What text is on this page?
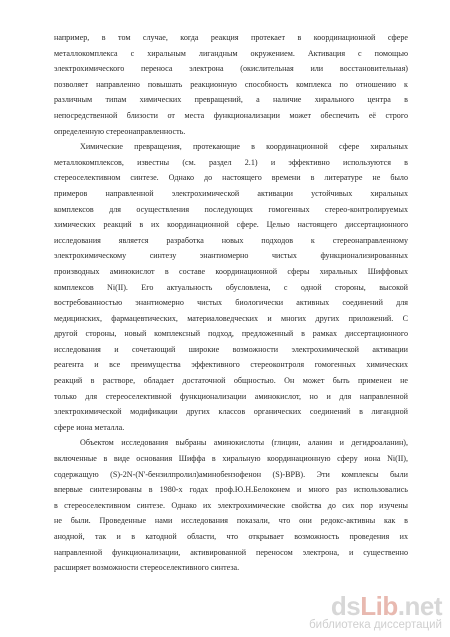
например, в том случае, когда реакция протекает в координационной сфере
металлокомплекса с хиральным лигандным окружением. Активация с помощью
электрохимического переноса электрона (окислительная или восстановительная)
позволяет направленно повышать реакционную способность комплекса по отношению к
различным типам химических превращений, а наличие хирального центра в
непосредственной близости от места функционализации может обеспечить её строго
определенную стереонаправленность.
Химические превращения, протекающие в координационной сфере хиральных
металлокомплексов, известны (см. раздел 2.1) и эффективно используются в
стереоселективном синтезе. Однако до настоящего времени в литературе не было
примеров направленной электрохимической активации устойчивых хиральных
комплексов для осуществления последующих гомогенных стерео-контролируемых
химических реакций в их координационной сфере. Целью настоящего диссертационного
исследования является разработка новых подходов к стереонаправленному
электрохимическому синтезу энантиомерно чистых функционализированных
производных аминокислот в составе координационной сферы хиральных Шиффовых
комплексов Ni(II). Его актуальность обусловлена, с одной стороны, высокой
востребованностью энантиомерно чистых биологически активных соединений для
медицинских, фармацевтических, материаловедческих и многих других приложений. С
другой стороны, новый комплексный подход, предложенный в рамках диссертационного
исследования и сочетающий широкие возможности электрохимической активации
реагента и все преимущества эффективного стереоконтроля гомогенных химических
реакций в растворе, обладает достаточной общностью. Он может быть применен не
только для стереоселективной функционализации аминокислот, но и для направленной
электрохимической модификации других классов органических соединений в лигандной
сфере иона металла.
Объектом исследования выбраны аминокислоты (глицин, аланин и дегидроаланин),
включенные в виде основания Шиффа в хиральную координационную сферу иона Ni(II),
содержащую (S)-2N-(N'-бензилпролил)аминобензофенон (S)-BPB). Эти комплексы были
впервые синтезированы в 1980-х годах проф.Ю.Н.Белоконем и много раз использовались
в стереоселективном синтезе. Однако их электрохимические свойства до сих пор изучены
не были. Проведенные нами исследования показали, что они редокс-активны как в
анодной, так и в катодной области, что открывает возможность проведения их
направленной функционализации, активированной переносом электрона, и существенно
расширяет возможности стереоселективного синтеза.
dsLib.net
библиотека диссертаций
